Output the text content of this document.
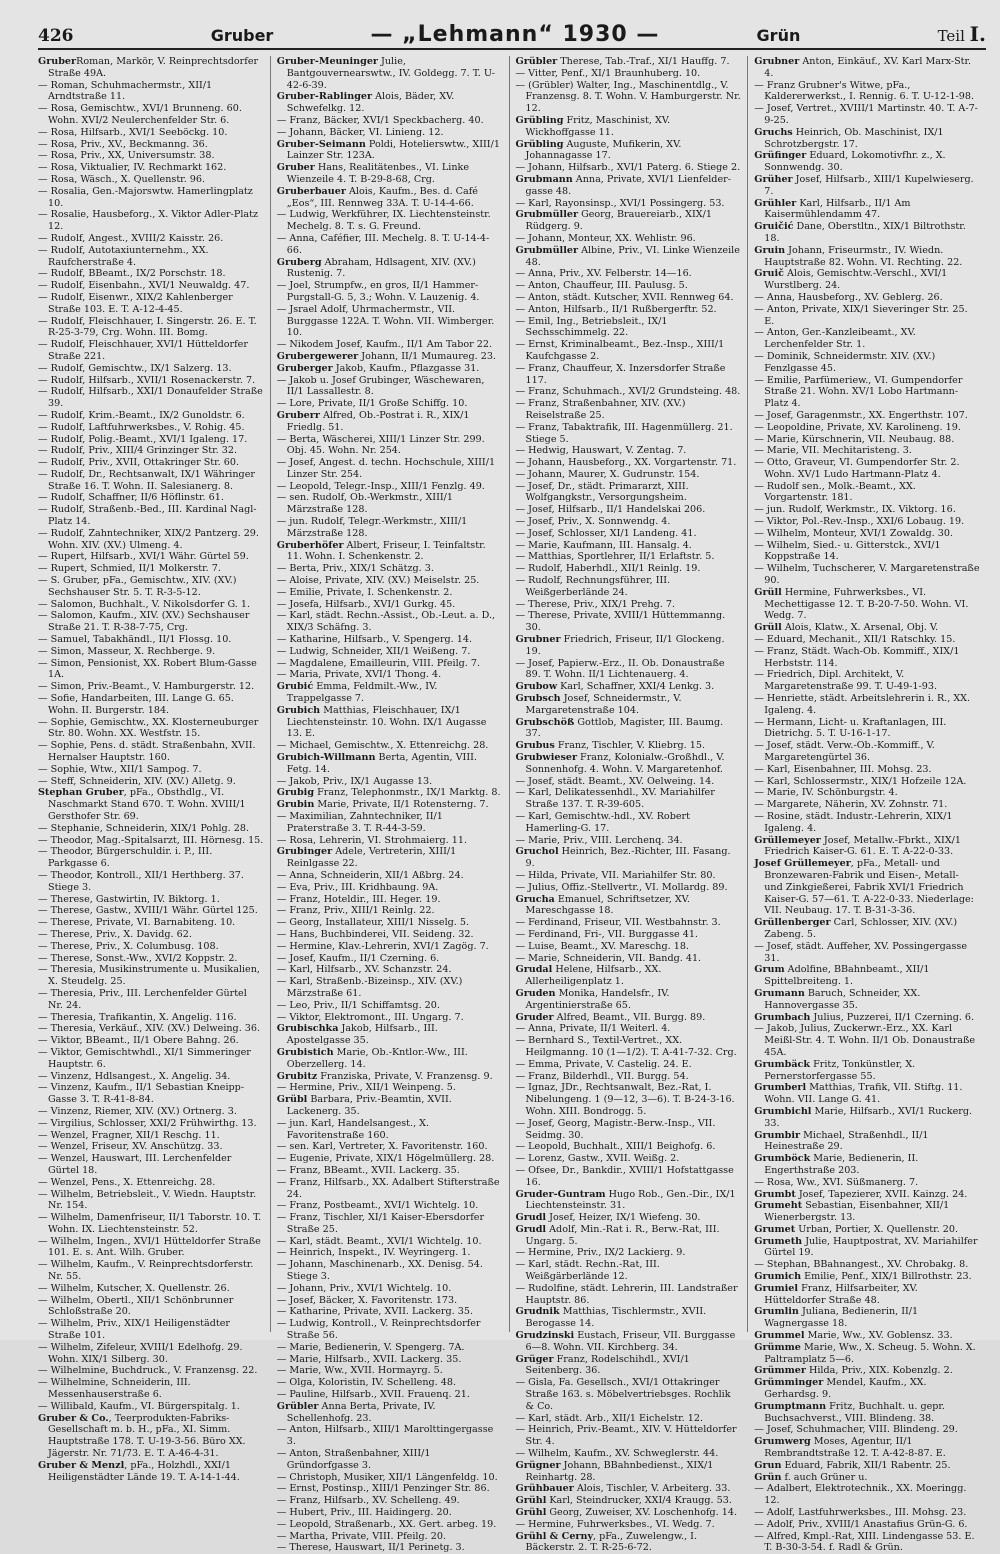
426	Gruber	— „Lehmann“ 1930 —	Grün	Teil I.

GruberRoman, Markör, V. Reinprechtsdorfer Straße 49A.

— Roman, Schuhmachermstr., XII/1 Arndtstraße 11.

— Rosa, Gemischtw., XVI/1 Brunneng. 60. Wohn. XVI/2 Neulerchenfelder Str. 6.

— Rosa, Hilfsarb., XVI/1 Seeböckg. 10.

— Rosa, Priv., XV., Beckmanng. 36.

— Rosa, Priv., XX, Universumstr. 38.

— Rosa, Viktualier, IV. Rechmarkt 162.

— Rosa, Wäsch., X. Quellenstr. 96.

— Rosalia, Gen.-Majorswtw. Hamerlingplatz 10.

— Rosalie, Hausbeforg., X. Viktor Adler-Platz 12.

— Rudolf, Angest., XVIII/2 Kaisstr. 26.

— Rudolf, Autotaxiunternehm., XX. Raufcherstraße 4.

— Rudolf, BBeamt., IX/2 Porschstr. 18.

— Rudolf, Eisenbahn., XVI/1 Neuwaldg. 47.

— Rudolf, Eisenwr., XIX/2 Kahlenberger Straße 103. E. T. A-12-4-45.

— Rudolf, Fleischhauer, I. Singerstr. 26. E. T. R-25-3-79, Crg. Wohn. III. Bomg.

— Rudolf, Fleischhauer, XVI/1 Hütteldorfer Straße 221.

— Rudolf, Gemischtw., IX/1 Salzerg. 13.

— Rudolf, Hilfsarb., XVII/1 Rosenackerstr. 7.

— Rudolf, Hilfsarb., XXI/1 Donaufelder Straße 39.

— Rudolf, Krim.-Beamt., IX/2 Gunoldstr. 6.

— Rudolf, Laftfuhrwerksbes., V. Rohig. 45.

— Rudolf, Polig.-Beamt., XVI/1 Igaleng. 17.

— Rudolf, Priv., XIII/4 Grinzinger Str. 32.

— Rudolf, Priv., XVII, Ottakringer Str. 60.

— Rudolf, Dr., Rechtsanwalt, IX/1 Währinger Straße 16. T. Wohn. II. Salesianerg. 8.

— Rudolf, Schaffner, II/6 Höflinstr. 61.

— Rudolf, Straßenb.-Bed., III. Kardinal Nagl-Platz 14.

— Rudolf, Zahntechniker, XIX/2 Pantzerg. 29. Wohn. XIV. (XV.) Ulmeng. 4.

— Rupert, Hilfsarb., XVI/1 Währ. Gürtel 59.

— Rupert, Schmied, II/1 Molkerstr. 7.

— S. Gruber, pFa., Gemischtw., XIV. (XV.) Sechshauser Str. 5. T. R-3-5-12.

— Salomon, Buchhalt., V. Nikolsdorfer G. 1.

— Salomon, Kaufm., XIV. (XV.) Sechshauser Straße 21. T. R-38-7-75, Crg.

— Samuel, Tabakhändl., II/1 Flossg. 10.

— Simon, Masseur, X. Rechberge. 9.

— Simon, Pensionist, XX. Robert Blum-Gasse 1A.

— Simon, Priv.-Beamt., V. Hamburgerstr. 12.

— Sofie, Handarbeiten, III. Lange G. 65. Wohn. II. Burgerstr. 184.

— Sophie, Gemischtw., XX. Klosterneuburger Str. 80. Wohn. XX. Westfstr. 15.

— Sophie, Pens. d. städt. Straßenbahn, XVII. Hernalser Hauptstr. 160.

— Sophie, Wtw., XII/1 Sampog. 7.

— Steff, Schneiderin, XIV. (XV.) Alletg. 9.

Stephan Gruber, pFa., Obsthdlg., VI. Naschmarkt Stand 670. T. Wohn. XVIII/1 Gersthofer Str. 69.

— Stephanie, Schneiderin, XIX/1 Pohlg. 28.

— Theodor, Mag.-Spitalsarzt, III. Hörnesg. 15.

— Theodor, Bürgerschuldir. i. P., III. Parkgasse 6.

— Theodor, Kontroll., XII/1 Herthberg. 37. Stiege 3.

— Therese, Gastwirtin, IV. Biktorg. 1.

— Therese, Gastw., XVIII/1 Währ. Gürtel 125.

— Therese, Private, VI. Barnabiteng. 10.

— Therese, Priv., X. Davidg. 62.

— Therese, Priv., X. Columbusg. 108.

— Therese, Sonst.-Ww., XVI/2 Koppstr. 2.

— Theresia, Musikinstrumente u. Musikalien, X. Steudelg. 25.

— Theresia, Priv., III. Lerchenfelder Gürtel Nr. 24.

— Theresia, Trafikantin, X. Angelig. 116.

— Theresia, Verkäuf., XIV. (XV.) Delweing. 36.

— Viktor, BBeamt., II/1 Obere Bahng. 26.

— Viktor, Gemischtwhdl., XI/1 Simmeringer Hauptstr. 6.

— Vinzenz, Hdlsangest., X. Angelig. 34.

— Vinzenz, Kaufm., II/1 Sebastian Kneipp-Gasse 3. T. R-41-8-84.

— Vinzenz, Riemer, XIV. (XV.) Ortnerg. 3.

— Virgilius, Schlosser, XXI/2 Frühwirthg. 13.

— Wenzel, Fragner, XII/1 Reschg. 11.

— Wenzel, Friseur, XV. Anschützg. 33.

— Wenzel, Hauswart, III. Lerchenfelder Gürtel 18.

— Wenzel, Pens., X. Ettenreichg. 28.

— Wilhelm, Betriebsleit., V. Wiedn. Hauptstr. Nr. 154.

— Wilhelm, Damenfriseur, II/1 Taborstr. 10. T. Wohn. IX. Liechtensteinstr. 52.

— Wilhelm, Ingen., XVI/1 Hütteldorfer Straße 101. E. s. Ant. Wilh. Gruber.

— Wilhelm, Kaufm., V. Reinprechtsdorferstr. Nr. 55.

— Wilhelm, Kutscher, X. Quellenstr. 26.

— Wilhelm, Obertl., XII/1 Schönbrunner Schloßstraße 20.

— Wilhelm, Priv., XIX/1 Heiligenstädter Straße 101.

— Wilhelm, Zifeleur, XVIII/1 Edelhofg. 29. Wohn. XIX/1 Silberg. 30.

— Wilhelmine, Buchdruck., V. Franzensg. 22.

— Wilhelmine, Schneiderin, III. Messenhauserstraße 6.

— Willibald, Kaufm., VI. Bürgerspitalg. 1.

Gruber & Co., Teerprodukten-Fabriks-Gesellschaft m. b. H., pFa., XI. Simm. Hauptstraße 178. T. U-19-3-56. Büro XX. Jägerstr. Nr. 71/73. E. T. A-46-4-31.

Gruber & Menzl, pFa., Holzhdl., XXI/1 Heiligenstädter Lände 19. T. A-14-1-44.

Gruber-Meuninger Julie, Bantgouvernearswtw., IV. Goldegg. 7. T. U-42-6-39.

Gruber-Rablinger Alois, Bäder, XV. Schwefelkg. 12.

— Franz, Bäcker, XVI/1 Speckbacherg. 40.

— Johann, Bäcker, VI. Linieng. 12.

Gruber-Seimann Poldi, Hotelierswtw., XIII/1 Lainzer Str. 123A.

Gruber Hans, Realitätenbes., VI. Linke Wienzeile 4. T. B-29-8-68, Crg.

Gruberbauer Alois, Kaufm., Bes. d. Café „Eos“, III. Rennweg 33A. T. U-14-4-66.

— Ludwig, Werkführer, IX. Liechtensteinstr. Mechelg. 8. T. s. G. Freund.

— Anna, Caféfier, III. Mechelg. 8. T. U-14-4-66.

Gruberg Abraham, Hdlsagent, XIV. (XV.) Rustenig. 7.

— Joel, Strumpfw., en gros, II/1 Hammer-Purgstall-G. 5, 3.; Wohn. V. Lauzenig. 4.

— Jsrael Adolf, Uhrmachermstr., VII. Burggasse 122A. T. Wohn. VII. Wimberger. 10.

— Nikodem Josef, Kaufm., II/1 Am Tabor 22.

Grubergewerer Johann, II/1 Mumaureg. 23.

Gruberger Jakob, Kaufm., Pflazgasse 31.

— Jakob u. Josef Grubinger, Wäschewaren, II/1 Lassallestr. 8.

— Lore, Private, II/1 Große Schiffg. 10.

Gruberr Alfred, Ob.-Postrat i. R., XIX/1 Friedlg. 51.

— Berta, Wäscherei, XIII/1 Linzer Str. 299. Obj. 45. Wohn. Nr. 254.

— Josef, Angest. d. techn. Hochschule, XIII/1 Linzer Str. 254.

— Leopold, Telegr.-Insp., XIII/1 Fenzlg. 49.

— sen. Rudolf, Ob.-Werkmstr., XIII/1 Märzstraße 128.

— jun. Rudolf, Telegr.-Werkmstr., XIII/1 Märzstraße 128.

Gruberhöfer Albert, Friseur, I. Teinfaltstr. 11. Wohn. I. Schenkenstr. 2.

— Berta, Priv., XIX/1 Schätzg. 3.

— Aloise, Private, XIV. (XV.) Meiselstr. 25.

— Emilie, Private, I. Schenkenstr. 2.

— Josefa, Hilfsarb., XVI/1 Gurkg. 45.

— Karl, städt. Rechn.-Assist., Ob.-Leut. a. D., XIX/3 Schäfng. 3.

— Katharine, Hilfsarb., V. Spengerg. 14.

— Ludwig, Schneider, XII/1 Weißeng. 7.

— Magdalene, Emailleurin, VIII. Pfeilg. 7.

— Maria, Private, XVI/1 Thong. 4.

Grubić Emma, Feldmilt.-Ww., IV. Trappelgasse 7.

Grubich Matthias, Fleischhauer, IX/1 Liechtensteinstr. 10. Wohn. IX/1 Augasse 13. E.

— Michael, Gemischtw., X. Ettenreichg. 28.

Grubich-Willmann Berta, Agentin, VIII. Fetg. 14.

— Jakob, Priv., IX/1 Augasse 13.

Grubig Franz, Telephonmstr., IX/1 Marktg. 8.

Grubin Marie, Private, II/1 Rotensterng. 7.

— Maximilian, Zahntechniker, II/1 Praterstraße 3. T. R-44-3-59.

— Rosa, Lehrerin, VI. Strohmaierg. 11.

Grubinger Adele, Vertreterin, XIII/1 Reinlgasse 22.

— Anna, Schneiderin, XII/1 Aßbrg. 24.

— Eva, Priv., III. Kridhbaung. 9A.

— Franz, Hoteldir., III. Heger. 19.

— Franz, Priv., XIII/1 Reinlg. 22.

— Georg, Installateur, XIII/1 Nisselg. 5.

— Hans, Buchbinderei, VII. Seideng. 32.

— Hermine, Klav.-Lehrerin, XVI/1 Zagög. 7.

— Josef, Kaufm., II/1 Czerning. 6.

— Karl, Hilfsarb., XV. Schanzstr. 24.

— Karl, Straßenb.-Bizeinsp., XIV. (XV.) Märzstraße 61.

— Leo, Priv., II/1 Schiffamtsg. 20.

— Viktor, Elektromont., III. Ungarg. 7.

Grubischka Jakob, Hilfsarb., III. Apostelgasse 35.

Grubistich Marie, Ob.-Kntlor.-Ww., III. Oberzellerg. 14.

Grubitz Franziska, Private, V. Franzensg. 9.

— Hermine, Priv., XII/1 Weinpeng. 5.

Grübl Barbara, Priv.-Beamtin, XVII. Lackenerg. 35.

— jun. Karl, Handelsangest., X. Favoritenstraße 160.

— sen. Karl, Vertreter, X. Favoritenstr. 160.

— Eugenie, Private, XIX/1 Högelmüllerg. 28.

— Franz, BBeamt., XVII. Lackerg. 35.

— Franz, Hilfsarb., XX. Adalbert Stifterstraße 24.

— Franz, Postbeamt., XVI/1 Wichtelg. 10.

— Franz, Tischler, XI/1 Kaiser-Ebersdorfer Straße 25.

— Karl, städt. Beamt., XVI/1 Wichtelg. 10.

— Heinrich, Inspekt., IV. Weyringerg. 1.

— Johann, Maschinenarb., XX. Denisg. 54. Stiege 3.

— Johann, Priv., XVI/1 Wichtelg. 10.

— Josef, Bäcker, X. Favoritenstr. 173.

— Katharine, Private, XVII. Lackerg. 35.

— Ludwig, Kontroll., V. Reinprechtsdorfer Straße 56.

— Marie, Bedienerin, V. Spengerg. 7A.

— Marie, Hilfsarb., XVII. Lackerg. 35.

— Marie, Ww., XVII. Hormayrg. 5.

— Olga, Koloristin, IV. Schelleng. 48.

— Pauline, Hilfsarb., XVII. Frauenq. 21.

Grübler Anna Berta, Private, IV. Schellenhofg. 23.

— Anton, Hilfsarb., XIII/1 Marolttingergasse 3.

— Anton, Straßenbahner, XIII/1 Gründorfgasse 3.

— Christoph, Musiker, XII/1 Längenfeldg. 10.

— Ernst, Postinsp., XIII/1 Penzinger Str. 86.

— Franz, Hilfsarb., XV. Schelleng. 49.

— Hubert, Priv., III. Haidingerg. 20.

— Leopold, Straßenarb., XX. Gert. arbeg. 19.

— Martha, Private, VIII. Pfeilg. 20.

— Therese, Hauswart, II/1 Perinetg. 3.

Grübler Therese, Tab.-Traf., XI/1 Hauffg. 7.

— Vitter, Penf., XI/1 Braunhuberg. 10.

— (Grübler) Walter, Ing., Maschinentdlg., V. Franzensg. 8. T. Wohn. V. Hamburgerstr. Nr. 12.

Grübling Fritz, Maschinist, XV. Wickhoffgasse 11.

Grübling Auguste, Mufikerin, XV. Johannagasse 17.

— Johann, Hilfsarb., XVI/1 Paterg. 6. Stiege 2.

Grubmann Anna, Private, XVI/1 Lienfelder-gasse 48.

— Karl, Rayonsinsp., XVI/1 Possingerg. 53.

Grubmüller Georg, Brauereiarb., XIX/1 Rüdgerg. 9.

— Johann, Monteur, XX. Wehlistr. 96.

Grubmüller Albine, Priv., VI. Linke Wienzeile 48.

— Anna, Priv., XV. Felberstr. 14—16.

— Anton, Chauffeur, III. Paulusg. 5.

— Anton, städt. Kutscher, XVII. Rennweg 64.

— Anton, Hilfsarb., II/1 Rußbergerftr. 52.

— Emil, Ing., Betriebsleit., IX/1 Sechsschimmelg. 22.

— Ernst, Kriminalbeamt., Bez.-Insp., XIII/1 Kaufchgasse 2.

— Franz, Chauffeur, X. Inzersdorfer Straße 117.

— Franz, Schuhmach., XVI/2 Grundsteing. 48.

— Franz, Straßenbahner, XIV. (XV.) Reiselstraße 25.

— Franz, Tabaktrafik, III. Hagenmüllerg. 21. Stiege 5.

— Hedwig, Hauswart, V. Zentag. 7.

— Johann, Hausbeforg., XX. Vorgartenstr. 71.

— Johann, Maurer, X. Gudrunstr. 154.

— Josef, Dr., städt. Primararzt, XIII. Wolfgangkstr., Versorgungsheim.

— Josef, Hilfsarb., II/1 Handelskai 206.

— Josef, Priv., X. Sonnwendg. 4.

— Josef, Schlosser, XI/1 Landeng. 41.

— Marie, Kaufmann, III. Hansalg. 4.

— Matthias, Sportlehrer, II/1 Erlaftstr. 5.

— Rudolf, Haberhdl., XII/1 Reinlg. 19.

— Rudolf, Rechnungsführer, III. Weißgerberlände 24.

— Therese, Priv., XIX/1 Prehg. 7.

— Therese, Private, XVIII/1 Hüttemmanng. 30.

Grubner Friedrich, Friseur, II/1 Glockeng. 19.

— Josef, Papierw.-Erz., II. Ob. Donaustraße 89. T. Wohn. II/1 Lichtenauerg. 4.

Grubow Karl, Schaffner, XXI/4 Lenkg. 3.

Grubsch Josef, Schneidermstr., V. Margaretenstraße 104.

Grubschöß Gottlob, Magister, III. Baumg. 37.

Grubus Franz, Tischler, V. Kliebrg. 15.

Grubwieser Franz, Kolonialw.-Großhdl., V. Sonnenhofg. 4. Wohn. V. Margaretenhof.

— Josef, städt. Beamt., XV. Oelweing. 14.

— Karl, Delikatessenhdl., XV. Mariahilfer Straße 137. T. R-39-605.

— Karl, Gemischtw.-hdl., XV. Robert Hamerling-G. 17.

— Marie, Priv., VIII. Lerchenq. 34.

Gruchol Heinrich, Bez.-Richter, III. Fasang. 9.

— Hilda, Private, VII. Mariahilfer Str. 80.

— Julius, Offiz.-Stellvertr., VI. Mollardg. 89.

Grucha Emanuel, Schriftsetzer, XV. Mareschgasse 18.

— Ferdinand, Friseur, VII. Westbahnstr. 3.

— Ferdinand, Fri-, VII. Burggasse 41.

— Luise, Beamt., XV. Mareschg. 18.

— Marie, Schneiderin, VII. Bandg. 41.

Grudal Helene, Hilfsarb., XX. Allerheiligenplatz 1.

Gruden Monika, Handelsfr., IV. Argentinierstraße 65.

Gruder Alfred, Beamt., VII. Burgg. 89.

— Anna, Private, II/1 Weiterl. 4.

— Bernhard S., Textil-Vertret., XX. Heilgmanng. 10 (1—1/2). T. A-41-7-32. Crg.

— Emma, Private, V. Castelig. 24. E.

— Franz, Bilderhdl., VII. Burgg. 54.

— Ignaz, JDr., Rechtsanwalt, Bez.-Rat, I. Nibelungeng. 1 (9—12, 3—6). T. B-24-3-16. Wohn. XIII. Bondrogg. 5.

— Josef, Georg, Magistr.-Berw.-Insp., VII. Seidmg. 30.

— Leopold, Buchhalt., XIII/1 Beighofg. 6.

— Lorenz, Gastw., XVII. Weißg. 2.

— Ofsee, Dr., Bankdir., XVIII/1 Hofstattgasse 16.

Gruder-Guntram Hugo Rob., Gen.-Dir., IX/1 Liechtensteinstr. 31.

Grudl Josef, Heizer, IX/1 Wiefeng. 30.

Grudl Adolf, Min.-Rat i. R., Berw.-Rat, III. Ungarg. 5.

— Hermine, Priv., IX/2 Lackierg. 9.

— Karl, städt. Rechn.-Rat, III. Weißgärberlände 12.

— Rudolfine, städt. Lehrerin, III. Landstraßer Hauptstr. 86.

Grudnik Matthias, Tischlermstr., XVII. Berogasse 14.

Grudzinski Eustach, Friseur, VII. Burggasse 6—8. Wohn. VII. Kirchberg. 34.

Grüger Franz, Rodelschihdl., XVI/1 Seitenberg. 36.

— Gisla, Fa. Gesellsch., XVI/1 Ottakringer Straße 163. s. Möbelvertriebsges. Rochlik & Co.

— Karl, städt. Arb., XII/1 Eichelstr. 12.

— Heinrich, Priv.-Beamt., XIV. V. Hütteldorfer Str. 4.

— Wilhelm, Kaufm., XV. Schweglerstr. 44.

Grügner Johann, BBahnbedienst., XIX/1 Reinhartg. 28.

Grühbauer Alois, Tischler, V. Arbeiterg. 33.

Grühl Karl, Steindrucker, XXI/4 Kraugg. 53.

Grühl Georg, Zuweiser, XV. Loschenhofg. 14.

— Hermine, Fuhrwerksbes., VI. Wedg. 7.

Grühl & Cerny, pFa., Zuwelengw., I. Bäckerstr. 2. T. R-25-6-72.

Grubner Anton, Einkäuf., XV. Karl Marx-Str. 4.

— Franz Grubner's Witwe, pFa., Kaldererwerkst., I. Rennig. 6. T. U-12-1-98.

— Josef, Vertret., XVIII/1 Martinstr. 40. T. A-7-9-25.

Gruchs Heinrich, Ob. Maschinist, IX/1 Schrotzbergstr. 17.

Grüfinger Eduard, Lokomotivfhr. z., X. Sonnwendg. 30.

Grüher Josef, Hilfsarb., XIII/1 Kupelwieserg. 7.

Grühler Karl, Hilfsarb., II/1 Am Kaisermühlendamm 47.

Gruičić Dane, Oberstltn., XIX/1 Biltrothstr. 18.

Gruin Johann, Friseurmstr., IV. Wiedn. Hauptstraße 82. Wohn. VI. Rechting. 22.

Gruič Alois, Gemischtw.-Verschl., XVI/1 Wurstlberg. 24.

— Anna, Hausbeforg., XV. Geblerg. 26.

— Anton, Private, XIX/1 Sieveringer Str. 25. E.

— Anton, Ger.-Kanzleibeamt., XV. Lerchenfelder Str. 1.

— Dominik, Schneidermstr. XIV. (XV.) Fenzlgasse 45.

— Emilie, Parfümeriew., VI. Gumpendorfer Straße 21. Wohn. XV/1 Lobo Hartmann-Platz 4.

— Josef, Garagenmstr., XX. Engerthstr. 107.

— Leopoldine, Private, XV. Karolineng. 19.

— Marie, Kürschnerin, VII. Neubaug. 88.

— Marie, VII. Mechitaristeng. 3.

— Otto, Graveur, VI. Gumpendorfer Str. 2. Wohn. XV/1 Ludo Hartmann-Platz 4.

— Rudolf sen., Molk.-Beamt., XX. Vorgartenstr. 181.

— jun. Rudolf, Werkmstr., IX. Viktorg. 16.

— Viktor, Pol.-Rev.-Insp., XXI/6 Lobaug. 19.

— Wilhelm, Monteur, XVI/1 Zowaldg. 30.

— Wilhelm, Sied.- u. Gitterstck., XVI/1 Koppstraße 14.

— Wilhelm, Tuchscherer, V. Margaretenstraße 90.

Grüll Hermine, Fuhrwerksbes., VI. Mechettigasse 12. T. B-20-7-50. Wohn. VI. Wedg. 7.

Grüll Alois, Klatw., X. Arsenal, Obj. V.

— Eduard, Mechanit., XII/1 Ratschky. 15.

— Franz, Städt. Wach-Ob. Kommiff., XIX/1 Herbststr. 114.

— Friedrich, Dipl. Architekt, V. Margaretenstraße 99. T. U-49-1-93.

— Henriette, städt. Arbeitslehrerin i. R., XX. Igaleng. 4.

— Hermann, Licht- u. Kraftanlagen, III. Dietrichg. 5. T. U-16-1-17.

— Josef, städt. Verw.-Ob.-Kommiff., V. Margaretengürtel 36.

— Karl, Eisenbahner, III. Mohsg. 23.

— Karl, Schlossermstr., XIX/1 Hofzeile 12A.

— Marie, IV. Schönburgstr. 4.

— Margarete, Näherin, XV. Zohnstr. 71.

— Rosine, städt. Industr.-Lehrerin, XIX/1 Igaleng. 4.

Grüllemeyer Josef, Metallw.-Fbrkt., XIX/1 Friedrich Kaiser-G. 61. E. T. A-22-0-33.

Josef Grüllemeyer, pFa., Metall- und Bronzewaren-Fabrik und Eisen-, Metall- und Zinkgießerei, Fabrik XVI/1 Friedrich Kaiser-G. 57—61. T. A-22-0-33. Niederlage: VII. Neubaug. 17. T. B-31-3-36.

Grüllenberger Carl, Schlosser, XIV. (XV.) Zabeng. 5.

— Josef, städt. Auffeher, XV. Possingergasse 31.

Grum Adolfine, BBahnbeamt., XII/1 Spittelbreiteng. 1.

Grumann Baruch, Schneider, XX. Hannovergasse 35.

Grumbach Julius, Puzzerei, II/1 Czerning. 6.

— Jakob, Julius, Zuckerwr.-Erz., XX. Karl Meißl-Str. 4. T. Wohn. II/1 Ob. Donaustraße 45A.

Grumbäck Fritz, Tonkünstler, X. Pernerstorfergasse 55.

Grumberl Matthias, Trafik, VII. Stiftg. 11. Wohn. VII. Lange G. 41.

Grumbichl Marie, Hilfsarb., XVI/1 Ruckerg. 33.

Grumbir Michael, Straßenhdl., II/1 Heinestraße 29.

Grumböck Marie, Bedienerin, II. Engerthstraße 203.

— Rosa, Ww., XVI. Süßmanerg. 7.

Grumbt Josef, Tapezierer, XVII. Kainzg. 24.

Grumeht Sebastian, Eisenbahner, XII/1 Wienerbergstr. 13.

Grumet Urban, Portier, X. Quellenstr. 20.

Grumeth Julie, Hauptpostrat, XV. Mariahilfer Gürtel 19.

— Stephan, BBahnangest., XV. Chrobakg. 8.

Grumich Emilie, Penf., XIX/1 Billrothstr. 23.

Grumiel Franz, Hilfsarbeiter, XV. Hütteldorfer Straße 48.

Grumlin Juliana, Bedienerin, II/1 Wagnergasse 18.

Grummel Marie, Ww., XV. Goblensz. 33.

Grümme Marie, Ww., X. Scheug. 5. Wohn. X. Paltramplatz 5—6.

Grümmer Hilda, Priv., XIX. Kobenzlg. 2.

Grümminger Mendel, Kaufm., XX. Gerhardsg. 9.

Grumptmann Fritz, Buchhalt. u. gepr. Buchsachverst., VIII. Blindeng. 38.

— Josef, Schuhmacher, VIII. Blindeng. 29.

Grumwerg Moses, Agentur, II/1 Rembrandtstraße 12. T. A-42-8-87. E.

Grun Eduard, Fabrik, XII/1 Rabentr. 25.

Grün f. auch Grüner u.

— Adalbert, Elektrotechnik., XX. Moeringg. 12.

— Adolf, Lastfuhrwerksbes., III. Mohsg. 23.

— Adolf, Priv., XVIII/1 Anastafius Grün-G. 6.

— Alfred, Kmpl.-Rat, XIII. Lindengasse 53. E. T. B-30-3-54. f. Radl & Grün.
